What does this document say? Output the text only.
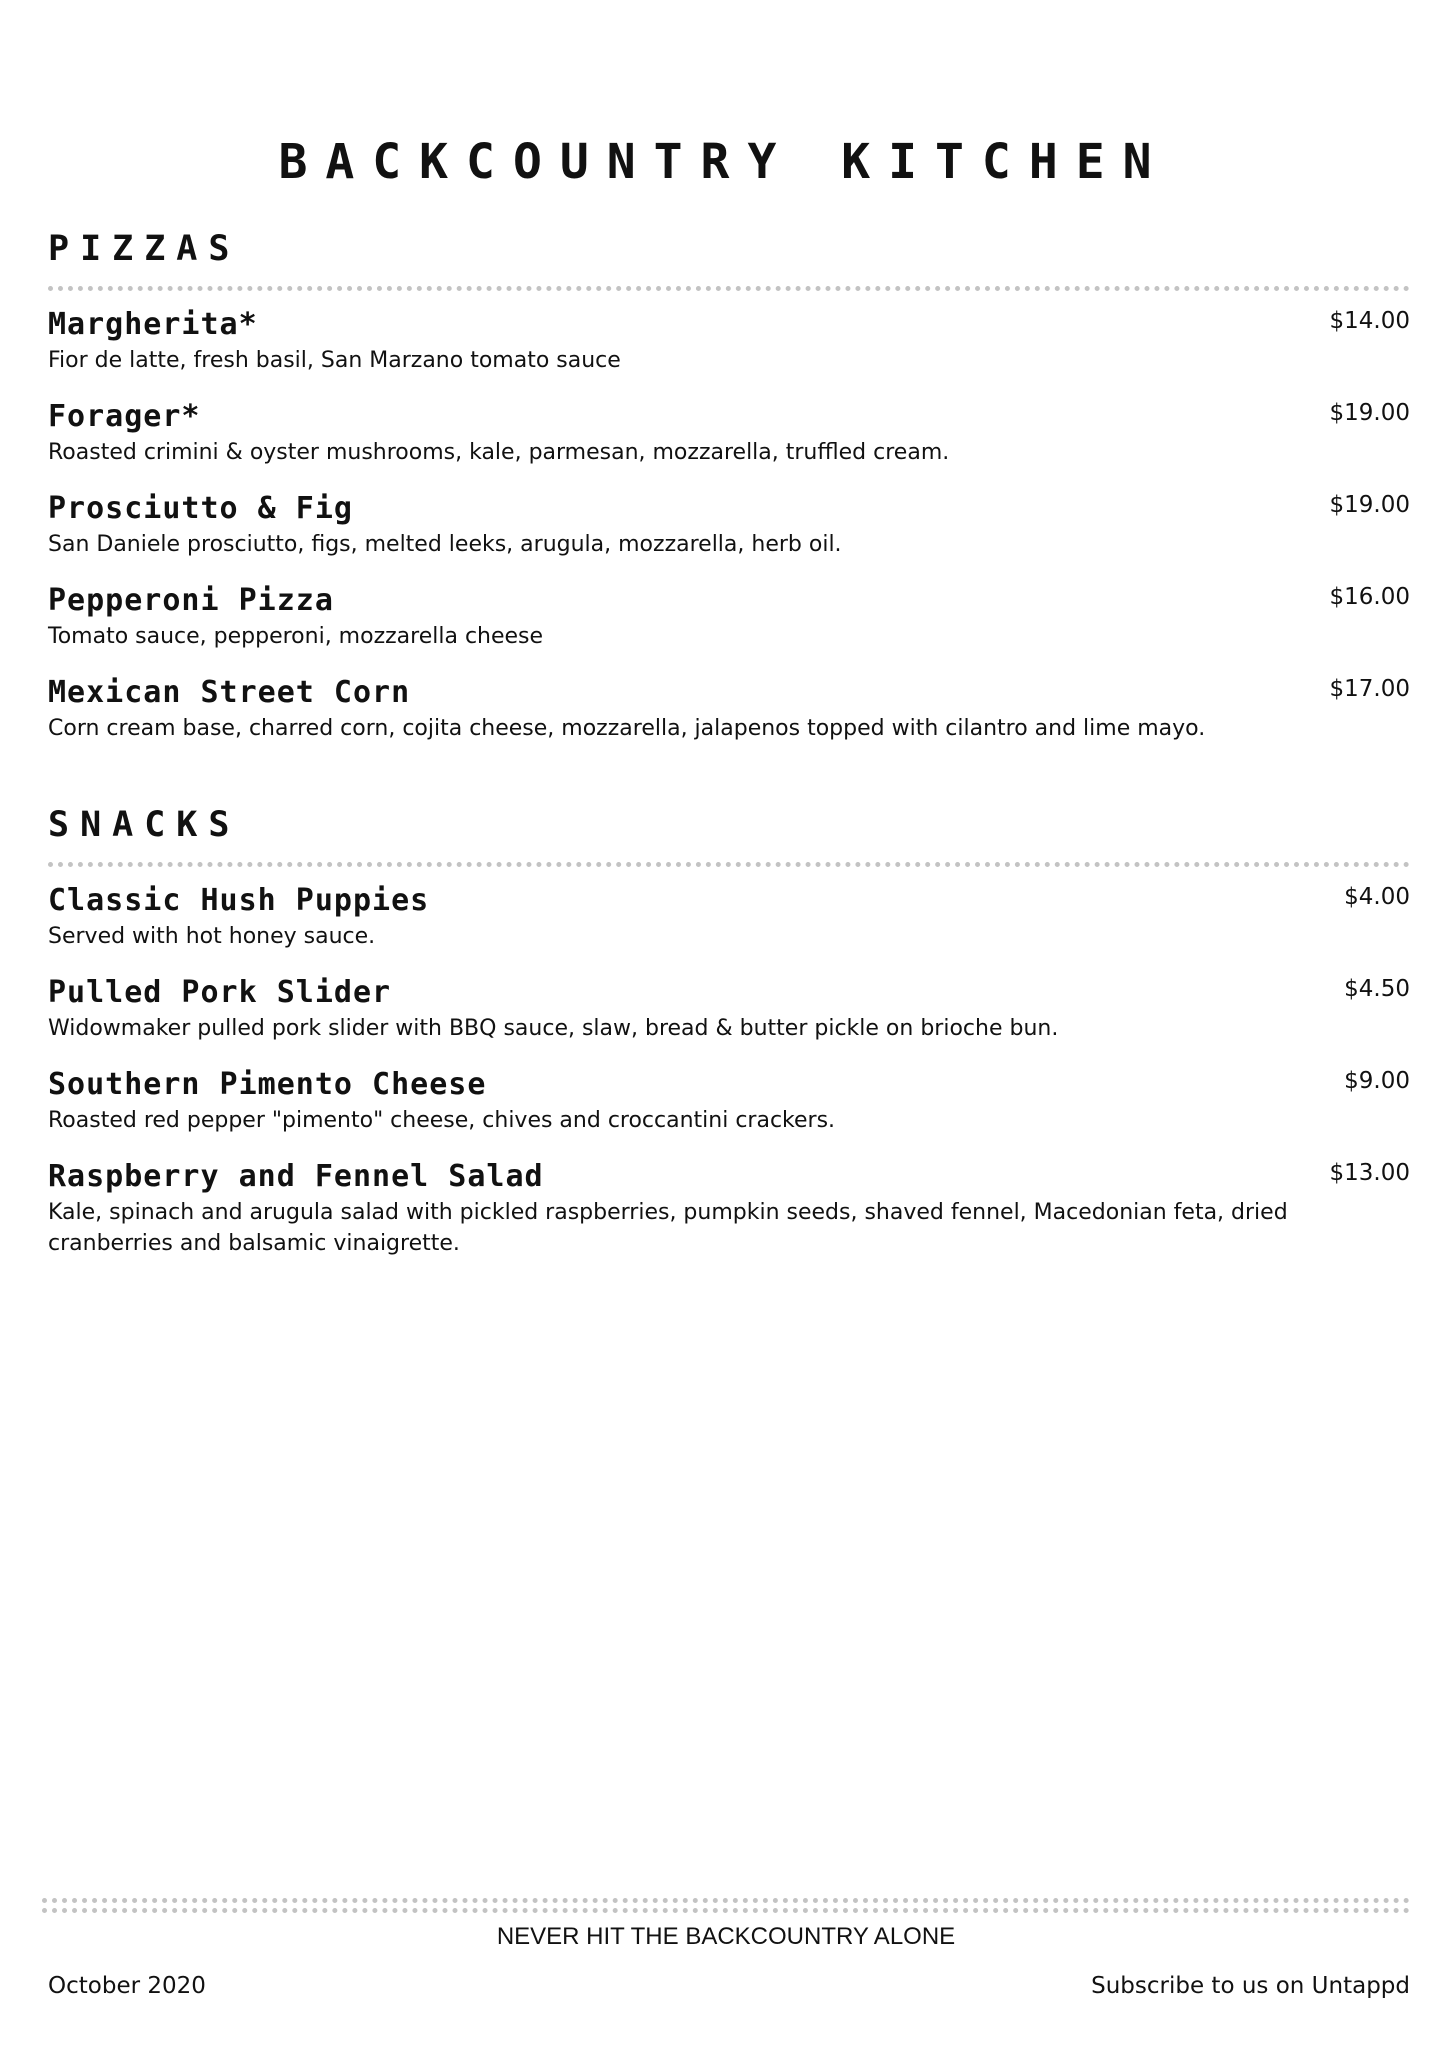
BACKCOUNTRY KITCHEN
PIZZAS
Margherita*
Fior de latte, fresh basil, San Marzano tomato sauce
$14.00
Forager*
Roasted crimini & oyster mushrooms, kale, parmesan, mozzarella, truffled cream.
$19.00
Prosciutto & Fig
San Daniele prosciutto, figs, melted leeks, arugula, mozzarella, herb oil.
$19.00
Pepperoni Pizza
Tomato sauce, pepperoni, mozzarella cheese
$16.00
Mexican Street Corn
Corn cream base, charred corn, cojita cheese, mozzarella, jalapenos topped with cilantro and lime mayo.
$17.00
SNACKS
Classic Hush Puppies
Served with hot honey sauce.
$4.00
Pulled Pork Slider
Widowmaker pulled pork slider with BBQ sauce, slaw, bread & butter pickle on brioche bun.
$4.50
Southern Pimento Cheese
Roasted red pepper "pimento" cheese, chives and croccantini crackers.
$9.00
Raspberry and Fennel Salad
Kale, spinach and arugula salad with pickled raspberries, pumpkin seeds, shaved fennel, Macedonian feta, dried cranberries and balsamic vinaigrette.
$13.00
NEVER HIT THE BACKCOUNTRY ALONE
October 2020	Subscribe to us on Untappd
